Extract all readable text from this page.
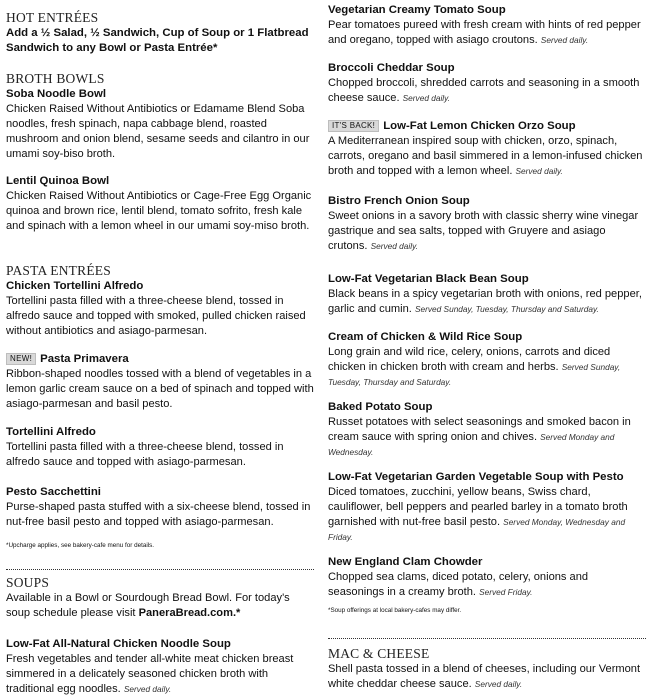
HOT ENTRÉES
Add a ½ Salad, ½ Sandwich, Cup of Soup or 1 Flatbread Sandwich to any Bowl or Pasta Entrée*
BROTH BOWLS
Soba Noodle Bowl
Chicken Raised Without Antibiotics or Edamame Blend Soba noodles, fresh spinach, napa cabbage blend, roasted mushroom and onion blend, sesame seeds and cilantro in our umami soy-biso broth.
Lentil Quinoa Bowl
Chicken Raised Without Antibiotics or Cage-Free Egg Organic quinoa and brown rice, lentil blend, tomato sofrito, fresh kale and spinach with a lemon wheel in our umami soy-miso broth.
PASTA ENTRÉES
Chicken Tortellini Alfredo
Tortellini pasta filled with a three-cheese blend, tossed in alfredo sauce and topped with smoked, pulled chicken raised without antibiotics and asiago-parmesan.
NEW! Pasta Primavera
Ribbon-shaped noodles tossed with a blend of vegetables in a lemon garlic cream sauce on a bed of spinach and topped with asiago-parmesan and basil pesto.
Tortellini Alfredo
Tortellini pasta filled with a three-cheese blend, tossed in alfredo sauce and topped with asiago-parmesan.
Pesto Sacchettini
Purse-shaped pasta stuffed with a six-cheese blend, tossed in nut-free basil pesto and topped with asiago-parmesan.
*Upcharge applies, see bakery-cafe menu for details.
SOUPS
Available in a Bowl or Sourdough Bread Bowl. For today's soup schedule please visit PaneraBread.com.*
Low-Fat All-Natural Chicken Noodle Soup
Fresh vegetables and tender all-white meat chicken breast simmered in a delicately seasoned chicken broth with traditional egg noodles. Served daily.
Vegetarian Creamy Tomato Soup
Pear tomatoes pureed with fresh cream with hints of red pepper and oregano, topped with asiago croutons. Served daily.
Broccoli Cheddar Soup
Chopped broccoli, shredded carrots and seasoning in a smooth cheese sauce. Served daily.
IT'S BACK! Low-Fat Lemon Chicken Orzo Soup
A Mediterranean inspired soup with chicken, orzo, spinach, carrots, oregano and basil simmered in a lemon-infused chicken broth and topped with a lemon wheel. Served daily.
Bistro French Onion Soup
Sweet onions in a savory broth with classic sherry wine vinegar gastrique and sea salts, topped with Gruyere and asiago crutons. Served daily.
Low-Fat Vegetarian Black Bean Soup
Black beans in a spicy vegetarian broth with onions, red pepper, garlic and cumin. Served Sunday, Tuesday, Thursday and Saturday.
Cream of Chicken & Wild Rice Soup
Long grain and wild rice, celery, onions, carrots and diced chicken in chicken broth with cream and herbs. Served Sunday, Tuesday, Thursday and Saturday.
Baked Potato Soup
Russet potatoes with select seasonings and smoked bacon in cream sauce with spring onion and chives. Served Monday and Wednesday.
Low-Fat Vegetarian Garden Vegetable Soup with Pesto
Diced tomatoes, zucchini, yellow beans, Swiss chard, cauliflower, bell peppers and pearled barley in a tomato broth garnished with nut-free basil pesto. Served Monday, Wednesday and Friday.
New England Clam Chowder
Chopped sea clams, diced potato, celery, onions and seasonings in a creamy broth. Served Friday.
*Soup offerings at local bakery-cafes may differ.
MAC & CHEESE
Shell pasta tossed in a blend of cheeses, including our Vermont white cheddar cheese sauce. Served daily.
